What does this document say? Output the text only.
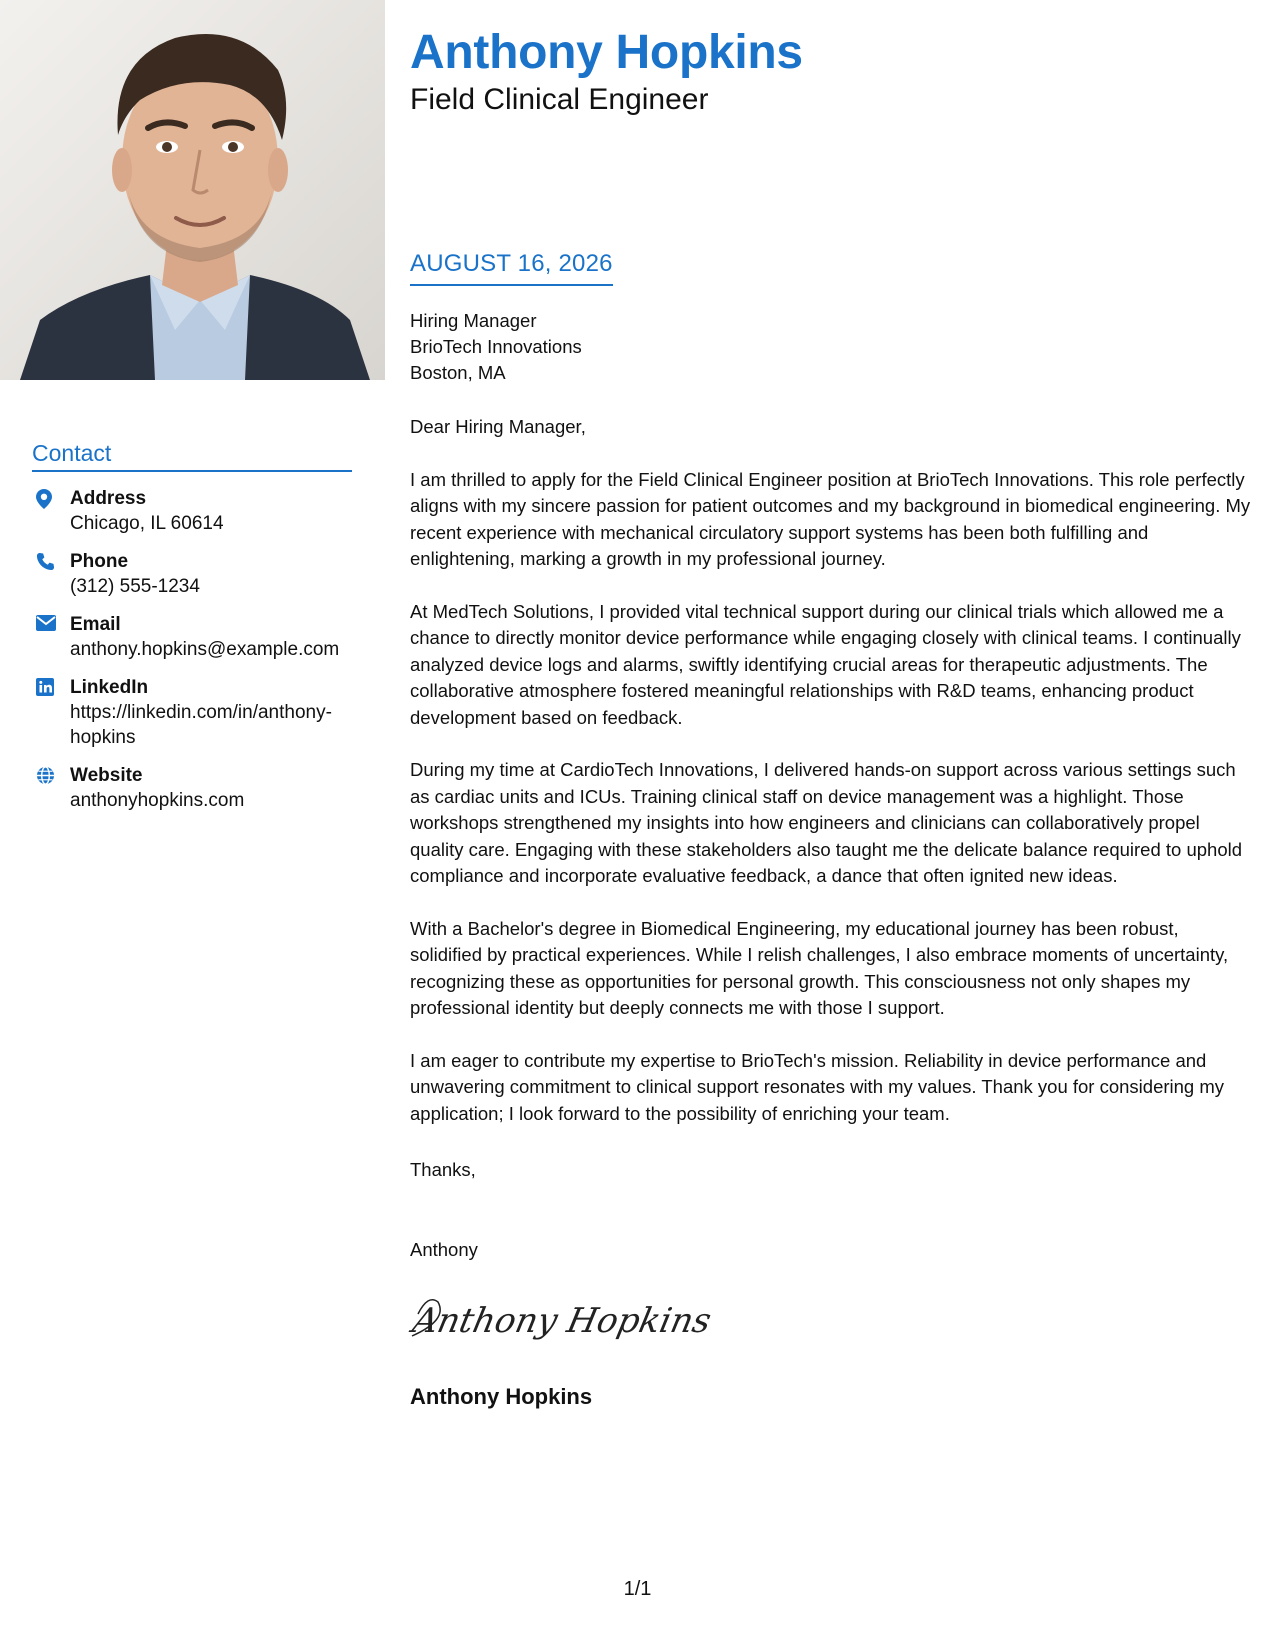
Contact
Address
Chicago, IL 60614
Phone
(312) 555-1234
Email
anthony.hopkins@example.com
LinkedIn
https://linkedin.com/in/anthony-hopkins
Website
anthonyhopkins.com
Anthony Hopkins
Field Clinical Engineer
AUGUST 16, 2026
Hiring Manager
BrioTech Innovations
Boston, MA

Dear Hiring Manager,

I am thrilled to apply for the Field Clinical Engineer position at BrioTech Innovations. This role perfectly aligns with my sincere passion for patient outcomes and my background in biomedical engineering. My recent experience with mechanical circulatory support systems has been both fulfilling and enlightening, marking a growth in my professional journey.

At MedTech Solutions, I provided vital technical support during our clinical trials which allowed me a chance to directly monitor device performance while engaging closely with clinical teams. I continually analyzed device logs and alarms, swiftly identifying crucial areas for therapeutic adjustments. The collaborative atmosphere fostered meaningful relationships with R&D teams, enhancing product development based on feedback.

During my time at CardioTech Innovations, I delivered hands-on support across various settings such as cardiac units and ICUs. Training clinical staff on device management was a highlight. Those workshops strengthened my insights into how engineers and clinicians can collaboratively propel quality care. Engaging with these stakeholders also taught me the delicate balance required to uphold compliance and incorporate evaluative feedback, a dance that often ignited new ideas.

With a Bachelor's degree in Biomedical Engineering, my educational journey has been robust, solidified by practical experiences. While I relish challenges, I also embrace moments of uncertainty, recognizing these as opportunities for personal growth. This consciousness not only shapes my professional identity but deeply connects me with those I support.

I am eager to contribute my expertise to BrioTech's mission. Reliability in device performance and unwavering commitment to clinical support resonates with my values. Thank you for considering my application; I look forward to the possibility of enriching your team.

Thanks,
Anthony
Anthony Hopkins
Anthony Hopkins
1/1
